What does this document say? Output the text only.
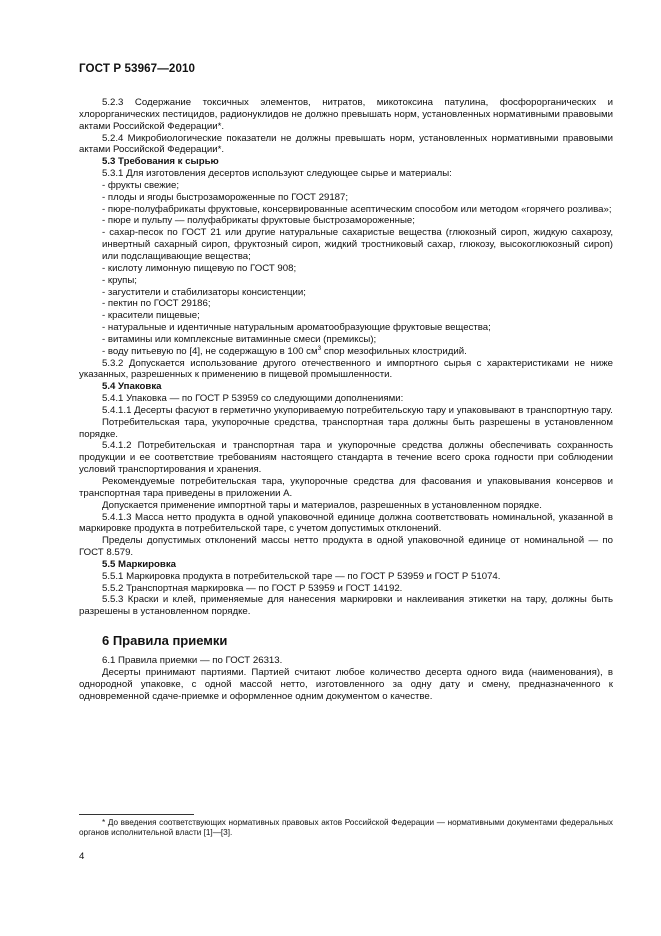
ГОСТ Р 53967—2010

5.2.3 Содержание токсичных элементов, нитратов, микотоксина патулина, фосфорорганических и хлорорганических пестицидов, радионуклидов не должно превышать норм, установленных нормативными правовыми актами Российской Федерации*.

5.2.4 Микробиологические показатели не должны превышать норм, установленных нормативными правовыми актами Российской Федерации*.

5.3 Требования к сырью

5.3.1 Для изготовления десертов используют следующее сырье и материалы:

- фрукты свежие;

- плоды и ягоды быстрозамороженные по ГОСТ 29187;

- пюре-полуфабрикаты фруктовые, консервированные асептическим способом или методом «горячего розлива»;

- пюре и пульпу — полуфабрикаты фруктовые быстрозамороженные;

- сахар-песок по ГОСТ 21 или другие натуральные сахаристые вещества (глюкозный сироп, жидкую сахарозу, инвертный сахарный сироп, фруктозный сироп, жидкий тростниковый сахар, глюкозу, высокоглюкозный сироп) или подслащивающие вещества;

- кислоту лимонную пищевую по ГОСТ 908;

- крупы;

- загустители и стабилизаторы консистенции;

- пектин по ГОСТ 29186;

- красители пищевые;

- натуральные и идентичные натуральным ароматообразующие фруктовые вещества;

- витамины или комплексные витаминные смеси (премиксы);

- воду питьевую по [4], не содержащую в 100 $см^3$ спор мезофильных клостридий.

5.3.2 Допускается использование другого отечественного и импортного сырья с характеристиками не ниже указанных, разрешенных к применению в пищевой промышленности.

5.4 Упаковка

5.4.1 Упаковка — по ГОСТ Р 53959 со следующими дополнениями:

5.4.1.1 Десерты фасуют в герметично укупориваемую потребительскую тару и упаковывают в транспортную тару.

Потребительская тара, укупорочные средства, транспортная тара должны быть разрешены в установленном порядке.

5.4.1.2 Потребительская и транспортная тара и укупорочные средства должны обеспечивать сохранность продукции и ее соответствие требованиям настоящего стандарта в течение всего срока годности при соблюдении условий транспортирования и хранения.

Рекомендуемые потребительская тара, укупорочные средства для фасования и упаковывания консервов и транспортная тара приведены в приложении А.

Допускается применение импортной тары и материалов, разрешенных в установленном порядке.

5.4.1.3 Масса нетто продукта в одной упаковочной единице должна соответствовать номинальной, указанной в маркировке продукта в потребительской таре, с учетом допустимых отклонений.

Пределы допустимых отклонений массы нетто продукта в одной упаковочной единице от номинальной — по ГОСТ 8.579.

5.5 Маркировка

5.5.1 Маркировка продукта в потребительской таре — по ГОСТ Р 53959 и ГОСТ Р 51074.

5.5.2 Транспортная маркировка — по ГОСТ Р 53959 и ГОСТ 14192.

5.5.3 Краски и клей, применяемые для нанесения маркировки и наклеивания этикетки на тару, должны быть разрешены в установленном порядке.

6 Правила приемки

6.1 Правила приемки — по ГОСТ 26313.

Десерты принимают партиями. Партией считают любое количество десерта одного вида (наименования), в однородной упаковке, с одной массой нетто, изготовленного за одну дату и смену, предназначенного к одновременной сдаче-приемке и оформленное одним документом о качестве.

* До введения соответствующих нормативных правовых актов Российской Федерации — нормативными документами федеральных органов исполнительной власти [1]—[3].

4
